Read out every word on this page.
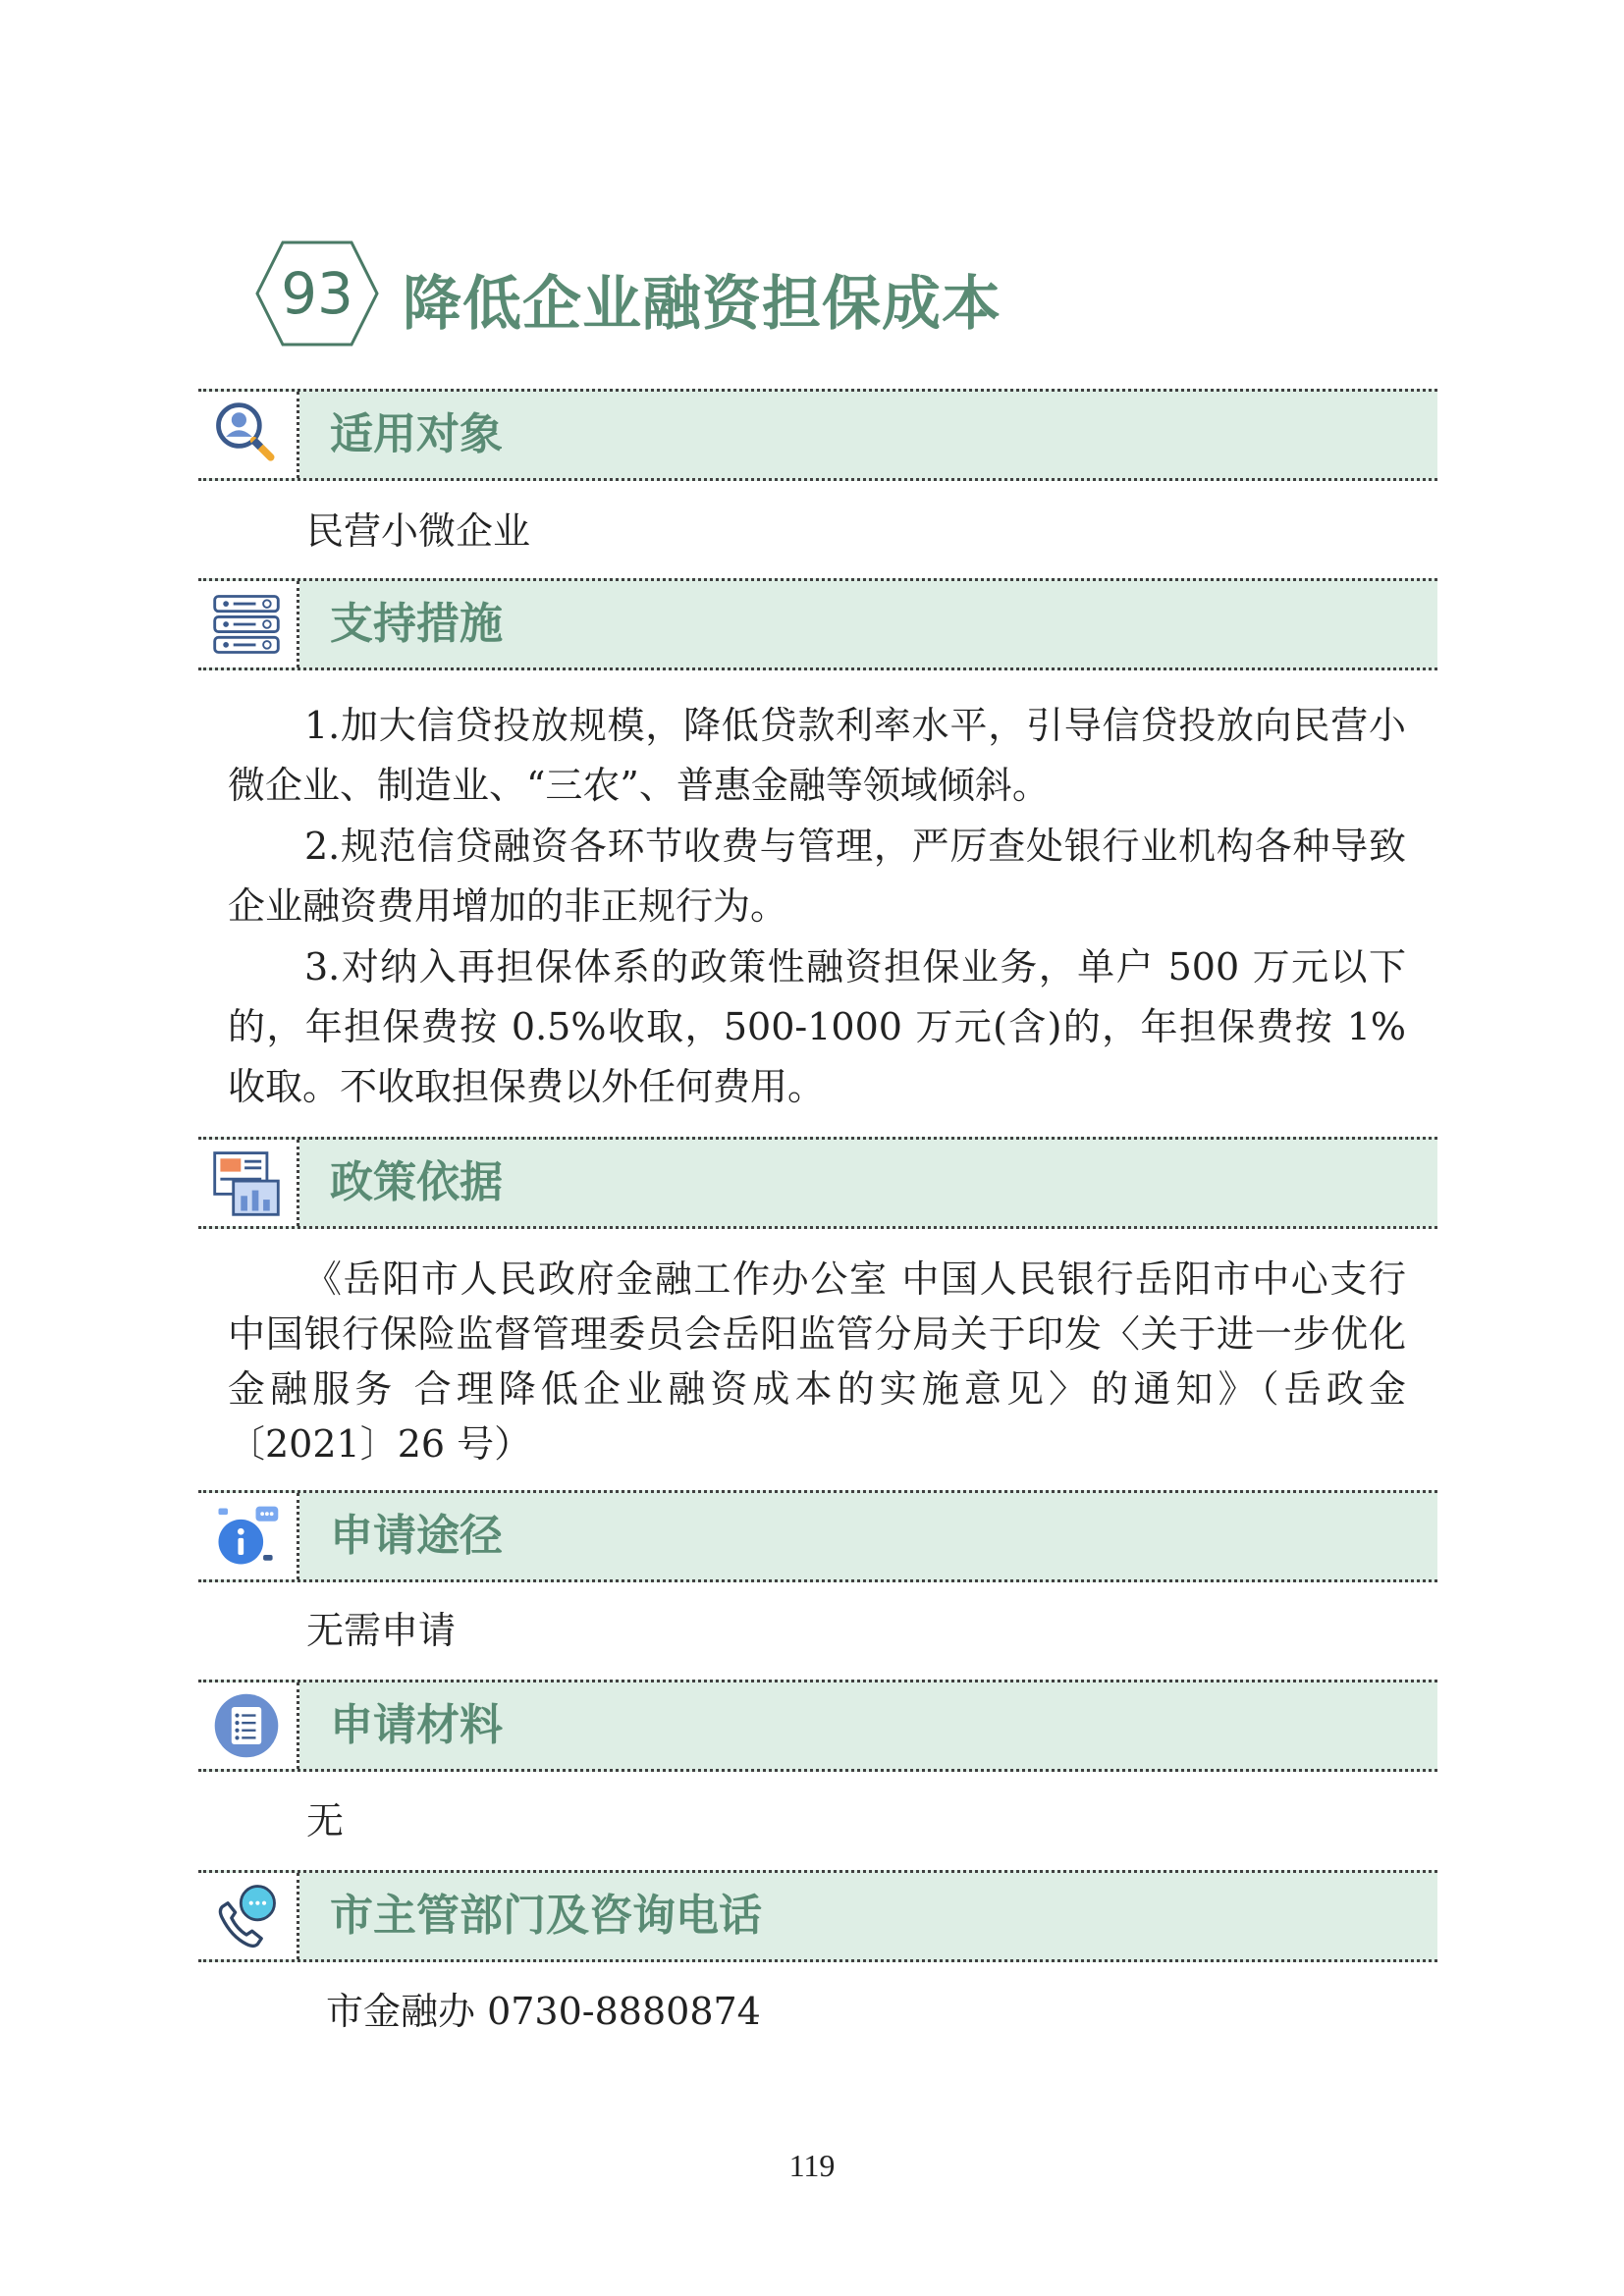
93 降低企业融资担保成本
适用对象
民营小微企业
支持措施
1.加大信贷投放规模，降低贷款利率水平，引导信贷投放向民营小微企业、制造业、“三农”、普惠金融等领域倾斜。
2.规范信贷融资各环节收费与管理，严厉查处银行业机构各种导致企业融资费用增加的非正规行为。
3.对纳入再担保体系的政策性融资担保业务，单户 500 万元以下的，年担保费按 0.5%收取，500-1000 万元(含)的，年担保费按 1%收取。不收取担保费以外任何费用。
政策依据
《岳阳市人民政府金融工作办公室 中国人民银行岳阳市中心支行 中国银行保险监督管理委员会岳阳监管分局关于印发〈关于进一步优化金融服务 合理降低企业融资成本的实施意见〉的通知》（岳政金〔2021〕26 号）
申请途径
无需申请
申请材料
无
市主管部门及咨询电话
市金融办 0730-8880874
119
